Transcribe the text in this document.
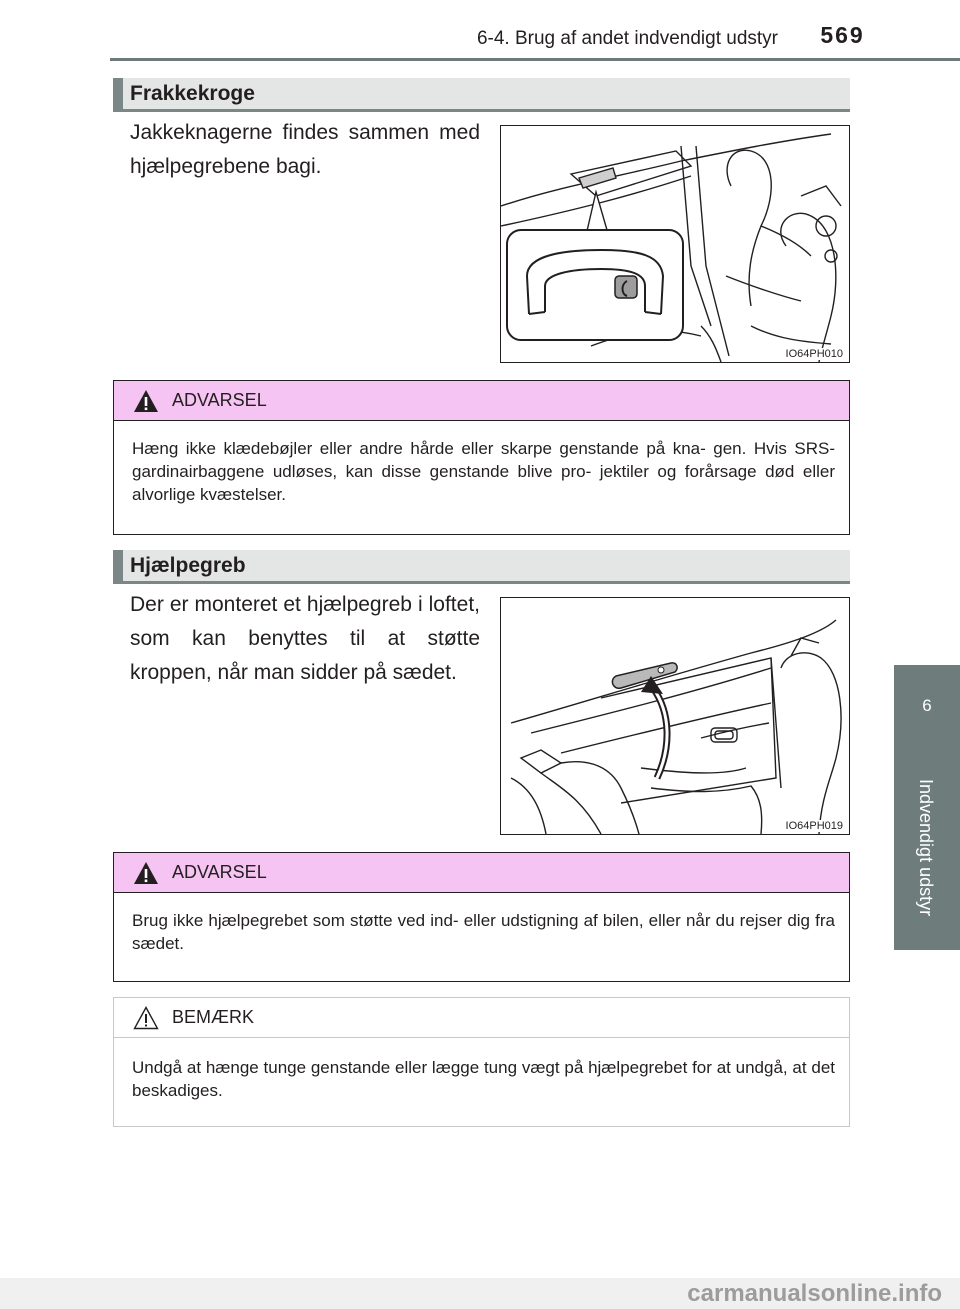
6-4. Brug af andet indvendigt udstyr	569
6
Indvendigt udstyr
Frakkekroge
Jakkeknagerne findes sammen med hjælpegrebene bagi.
IO64PH010
ADVARSEL
Hæng ikke klædebøjler eller andre hårde eller skarpe genstande på kna- gen. Hvis SRS-gardinairbaggene udløses, kan disse genstande blive pro- jektiler og forårsage død eller alvorlige kvæstelser.
Hjælpegreb
Der er monteret et hjælpegreb i loftet, som kan benyttes til at støtte kroppen, når man sidder på sædet.
IO64PH019
ADVARSEL
Brug ikke hjælpegrebet som støtte ved ind- eller udstigning af bilen, eller når du rejser dig fra sædet.
BEMÆRK
Undgå at hænge tunge genstande eller lægge tung vægt på hjælpegrebet for at undgå, at det beskadiges.
carmanualsonline.info
